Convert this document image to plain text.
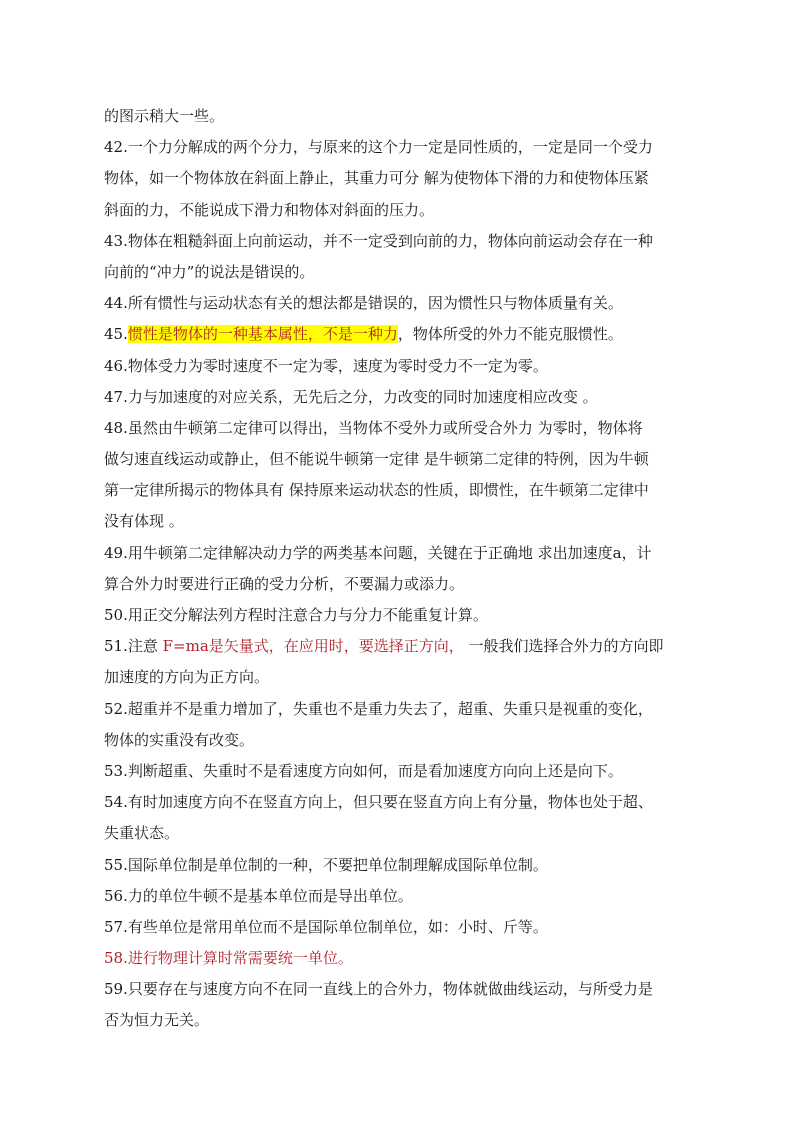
的图示稍大一些。

42.一个力分解成的两个分力，与原来的这个力一定是同性质的，一定是同一个受力
物体，如一个物体放在斜面上静止，其重力可分 解为使物体下滑的力和使物体压紧
斜面的力，不能说成下滑力和物体对斜面的压力。

43.物体在粗糙斜面上向前运动，并不一定受到向前的力，物体向前运动会存在一种
向前的“冲力”的说法是错误的。

44.所有惯性与运动状态有关的想法都是错误的，因为惯性只与物体质量有关。

45.惯性是物体的一种基本属性，不是一种力，物体所受的外力不能克服惯性。

46.物体受力为零时速度不一定为零，速度为零时受力不一定为零。

47.力与加速度的对应关系，无先后之分，力改变的同时加速度相应改变 。

48.虽然由牛顿第二定律可以得出，当物体不受外力或所受合外力 为零时，物体将
做匀速直线运动或静止，但不能说牛顿第一定律 是牛顿第二定律的特例，因为牛顿
第一定律所揭示的物体具有 保持原来运动状态的性质，即惯性，在牛顿第二定律中
没有体现 。

49.用牛顿第二定律解决动力学的两类基本问题，关键在于正确地 求出加速度a，计
算合外力时要进行正确的受力分析，不要漏力或添力。

50.用正交分解法列方程时注意合力与分力不能重复计算。

51.注意 F=ma是矢量式，在应用时，要选择正方向， 一般我们选择合外力的方向即
加速度的方向为正方向。

52.超重并不是重力增加了，失重也不是重力失去了，超重、失重只是视重的变化，
物体的实重没有改变。

53.判断超重、失重时不是看速度方向如何，而是看加速度方向向上还是向下。

54.有时加速度方向不在竖直方向上，但只要在竖直方向上有分量，物体也处于超、
失重状态。

55.国际单位制是单位制的一种，不要把单位制理解成国际单位制。

56.力的单位牛顿不是基本单位而是导出单位。

57.有些单位是常用单位而不是国际单位制单位，如：小时、斤等。

58.进行物理计算时常需要统一单位。

59.只要存在与速度方向不在同一直线上的合外力，物体就做曲线运动，与所受力是
否为恒力无关。
